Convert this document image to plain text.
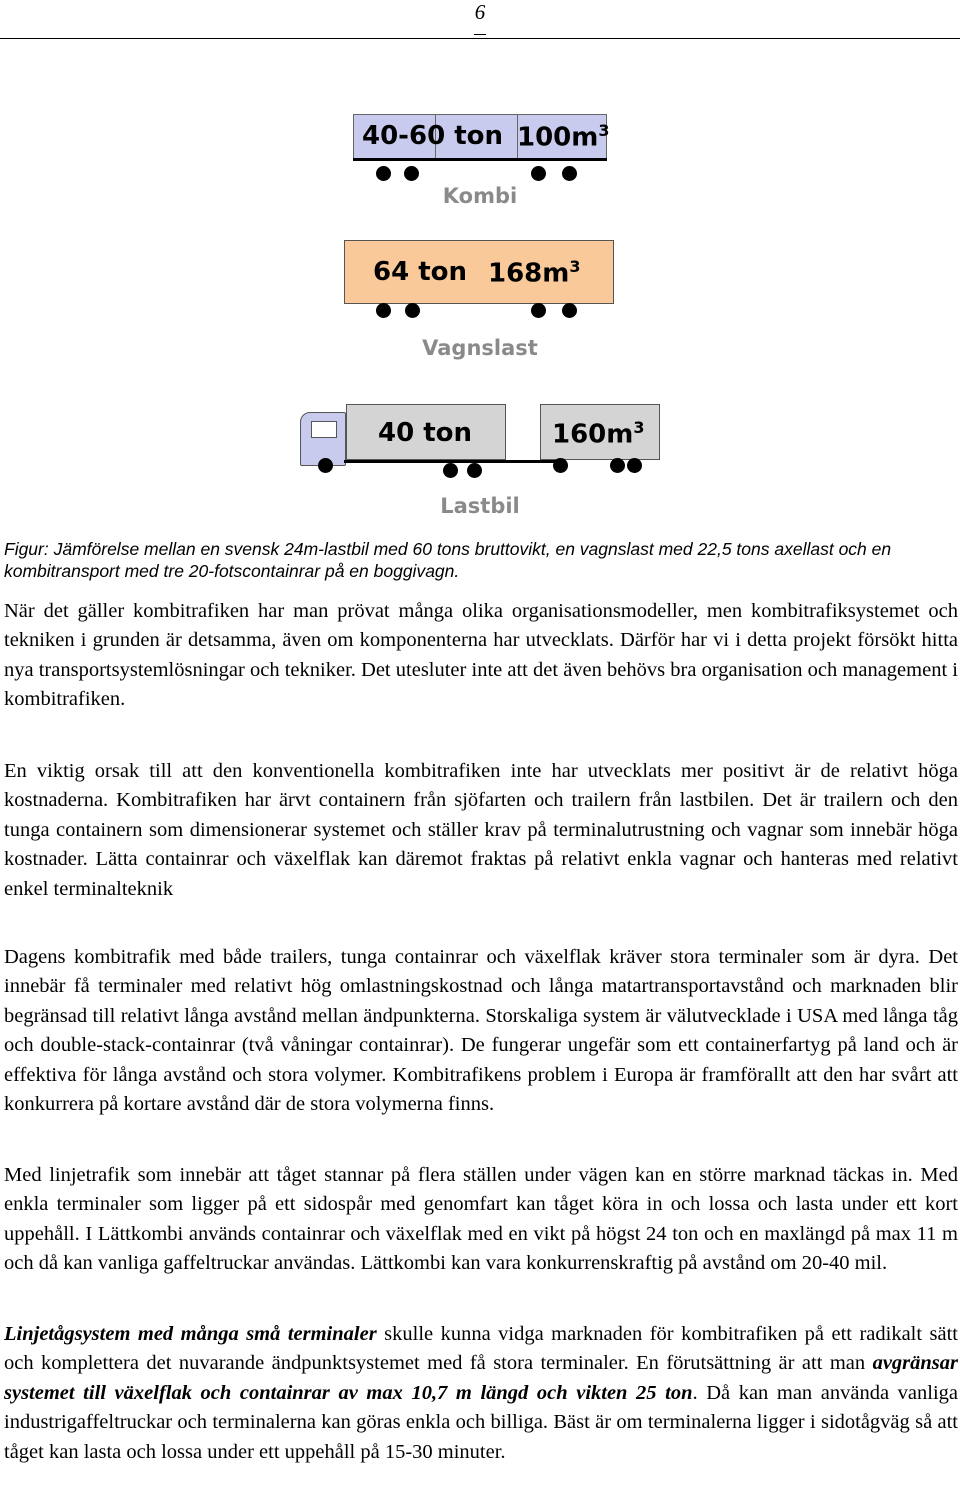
6
40-60 ton $100m^3$
Kombi
64 ton $168m^3$
Vagnslast
40 ton	$160m^3$
Lastbil
Figur: Jämförelse mellan en svensk 24m-lastbil med 60 tons bruttovikt, en vagnslast med 22,5 tons axellast och en kombitransport med tre 20-fotscontainrar på en boggivagn.

När det gäller kombitrafiken har man prövat många olika organisationsmodeller, men kombitrafiksystemet och tekniken i grunden är detsamma, även om komponenterna har utvecklats. Därför har vi i detta projekt försökt hitta nya transportsystemlösningar och tekniker. Det utesluter inte att det även behövs bra organisation och management i kombitrafiken.

En viktig orsak till att den konventionella kombitrafiken inte har utvecklats mer positivt är de relativt höga kostnaderna. Kombitrafiken har ärvt containern från sjöfarten och trailern från lastbilen. Det är trailern och den tunga containern som dimensionerar systemet och ställer krav på terminalutrustning och vagnar som innebär höga kostnader. Lätta containrar och växelflak kan däremot fraktas på relativt enkla vagnar och hanteras med relativt enkel terminalteknik

Dagens kombitrafik med både trailers, tunga containrar och växelflak kräver stora terminaler som är dyra. Det innebär få terminaler med relativt hög omlastningskostnad och långa matartransportavstånd och marknaden blir begränsad till relativt långa avstånd mellan ändpunkterna. Storskaliga system är välutvecklade i USA med långa tåg och double-stack-containrar (två våningar containrar). De fungerar ungefär som ett containerfartyg på land och är effektiva för långa avstånd och stora volymer. Kombitrafikens problem i Europa är framförallt att den har svårt att konkurrera på kortare avstånd där de stora volymerna finns.

Med linjetrafik som innebär att tåget stannar på flera ställen under vägen kan en större marknad täckas in. Med enkla terminaler som ligger på ett sidospår med genomfart kan tåget köra in och lossa och lasta under ett kort uppehåll. I Lättkombi används containrar och växelflak med en vikt på högst 24 ton och en maxlängd på max 11 m och då kan vanliga gaffeltruckar användas. Lättkombi kan vara konkurrenskraftig på avstånd om 20-40 mil.

Linjetågsystem med många små terminaler skulle kunna vidga marknaden för kombitrafiken på ett radikalt sätt och komplettera det nuvarande ändpunktsystemet med få stora terminaler. En förutsättning är att man avgränsar systemet till växelflak och containrar av max 10,7 m längd och vikten 25 ton. Då kan man använda vanliga industrigaffeltruckar och terminalerna kan göras enkla och billiga. Bäst är om terminalerna ligger i sidotågväg så att tåget kan lasta och lossa under ett uppehåll på 15-30 minuter.
